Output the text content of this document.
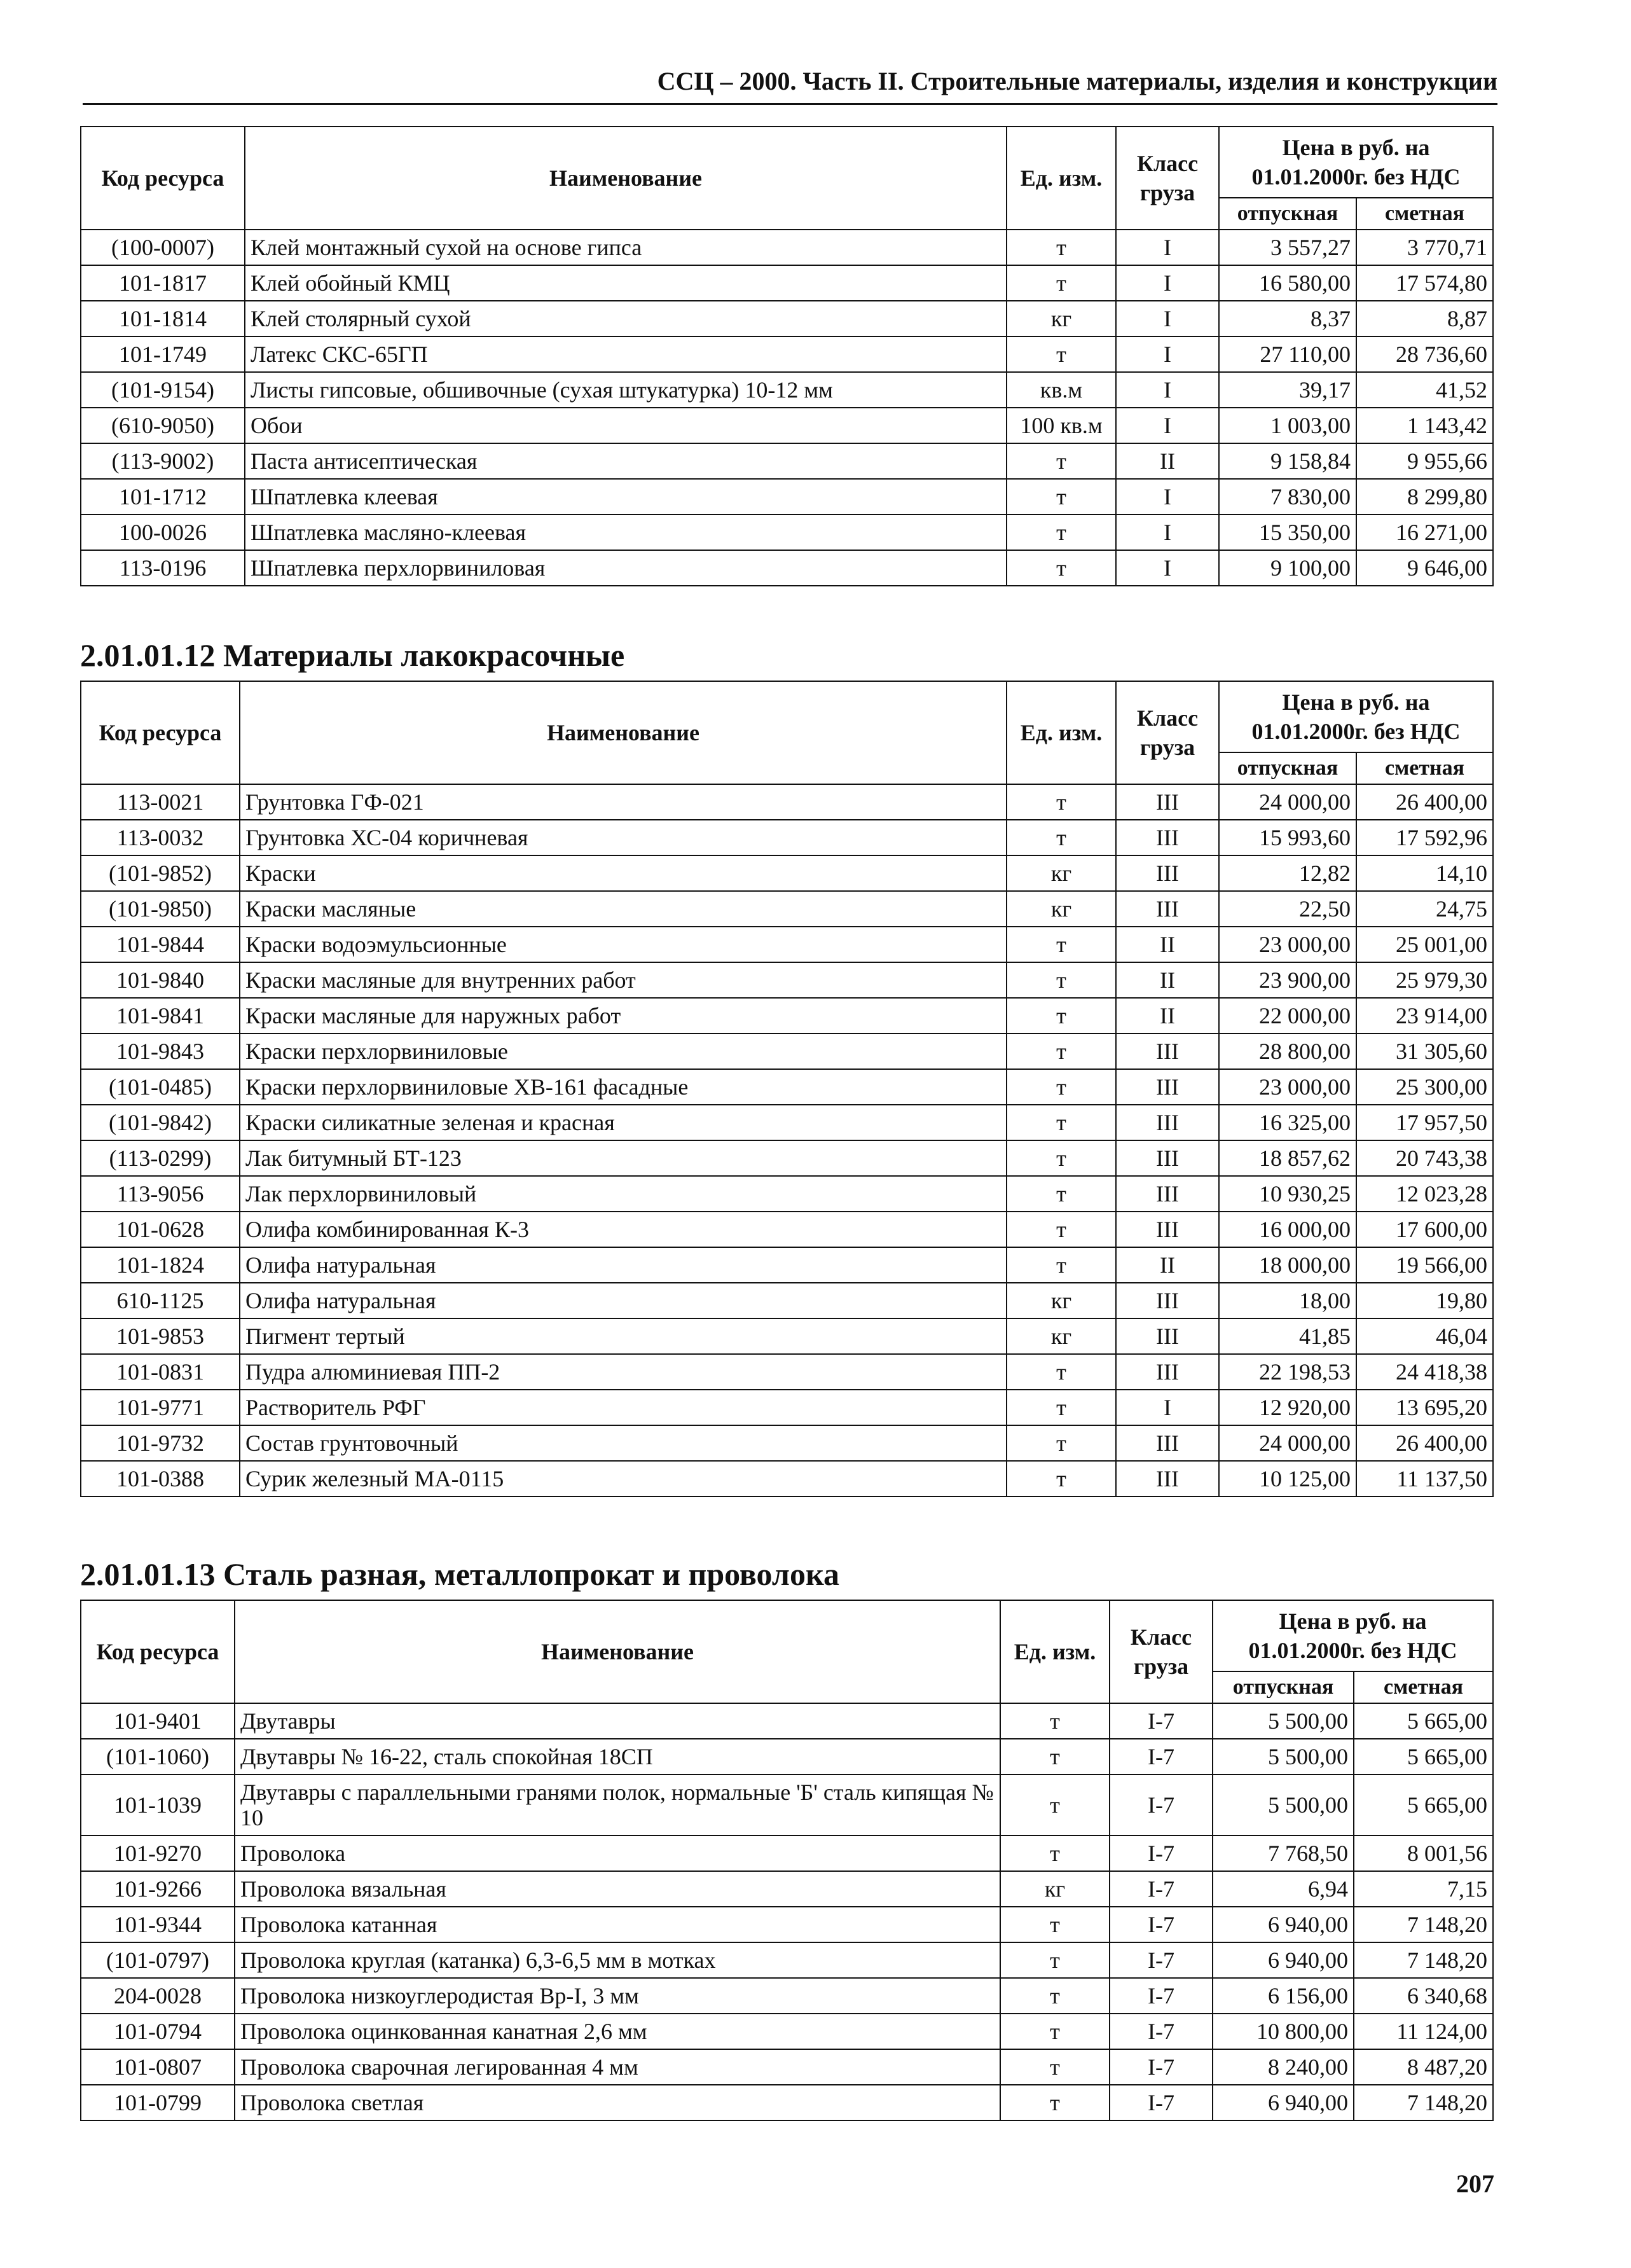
ССЦ – 2000. Часть II. Строительные материалы, изделия и конструкции
Код ресурса	Наименование	Ед. изм.	Класс груза	Цена в руб. на 01.01.2000г. без НДС	
				отпускная	сметная
(100-0007)	Клей монтажный сухой на основе гипса	т	I	3 557,27	3 770,71
101-1817	Клей обойный КМЦ	т	I	16 580,00	17 574,80
101-1814	Клей столярный сухой	кг	I	8,37	8,87
101-1749	Латекс СКС-65ГП	т	I	27 110,00	28 736,60
(101-9154)	Листы гипсовые, обшивочные (сухая штукатурка) 10-12 мм	кв.м	I	39,17	41,52
(610-9050)	Обои	100 кв.м	I	1 003,00	1 143,42
(113-9002)	Паста антисептическая	т	II	9 158,84	9 955,66
101-1712	Шпатлевка клеевая	т	I	7 830,00	8 299,80
100-0026	Шпатлевка масляно-клеевая	т	I	15 350,00	16 271,00
113-0196	Шпатлевка перхлорвиниловая	т	I	9 100,00	9 646,00
2.01.01.12 Материалы лакокрасочные
Код ресурса	Наименование	Ед. изм.	Класс груза	Цена в руб. на 01.01.2000г. без НДС	
				отпускная	сметная
113-0021	Грунтовка ГФ-021	т	III	24 000,00	26 400,00
113-0032	Грунтовка ХС-04 коричневая	т	III	15 993,60	17 592,96
(101-9852)	Краски	кг	III	12,82	14,10
(101-9850)	Краски масляные	кг	III	22,50	24,75
101-9844	Краски водоэмульсионные	т	II	23 000,00	25 001,00
101-9840	Краски масляные для внутренних работ	т	II	23 900,00	25 979,30
101-9841	Краски масляные для наружных работ	т	II	22 000,00	23 914,00
101-9843	Краски перхлорвиниловые	т	III	28 800,00	31 305,60
(101-0485)	Краски перхлорвиниловые ХВ-161 фасадные	т	III	23 000,00	25 300,00
(101-9842)	Краски силикатные зеленая и красная	т	III	16 325,00	17 957,50
(113-0299)	Лак битумный БТ-123	т	III	18 857,62	20 743,38
113-9056	Лак перхлорвиниловый	т	III	10 930,25	12 023,28
101-0628	Олифа комбинированная К-3	т	III	16 000,00	17 600,00
101-1824	Олифа натуральная	т	II	18 000,00	19 566,00
610-1125	Олифа натуральная	кг	III	18,00	19,80
101-9853	Пигмент тертый	кг	III	41,85	46,04
101-0831	Пудра алюминиевая ПП-2	т	III	22 198,53	24 418,38
101-9771	Растворитель РФГ	т	I	12 920,00	13 695,20
101-9732	Состав грунтовочный	т	III	24 000,00	26 400,00
101-0388	Сурик железный МА-0115	т	III	10 125,00	11 137,50
2.01.01.13 Сталь разная, металлопрокат и проволока
Код ресурса	Наименование	Ед. изм.	Класс груза	Цена в руб. на 01.01.2000г. без НДС	
				отпускная	сметная
101-9401	Двутавры	т	I-7	5 500,00	5 665,00
(101-1060)	Двутавры № 16-22, сталь спокойная 18СП	т	I-7	5 500,00	5 665,00
101-1039	Двутавры с параллельными гранями полок, нормальные 'Б' сталь кипящая № 10	т	I-7	5 500,00	5 665,00
101-9270	Проволока	т	I-7	7 768,50	8 001,56
101-9266	Проволока вязальная	кг	I-7	6,94	7,15
101-9344	Проволока катанная	т	I-7	6 940,00	7 148,20
(101-0797)	Проволока круглая (катанка) 6,3-6,5 мм в мотках	т	I-7	6 940,00	7 148,20
204-0028	Проволока низкоуглеродистая Вр-I, 3 мм	т	I-7	6 156,00	6 340,68
101-0794	Проволока оцинкованная канатная 2,6 мм	т	I-7	10 800,00	11 124,00
101-0807	Проволока сварочная легированная 4 мм	т	I-7	8 240,00	8 487,20
101-0799	Проволока светлая	т	I-7	6 940,00	7 148,20
207
